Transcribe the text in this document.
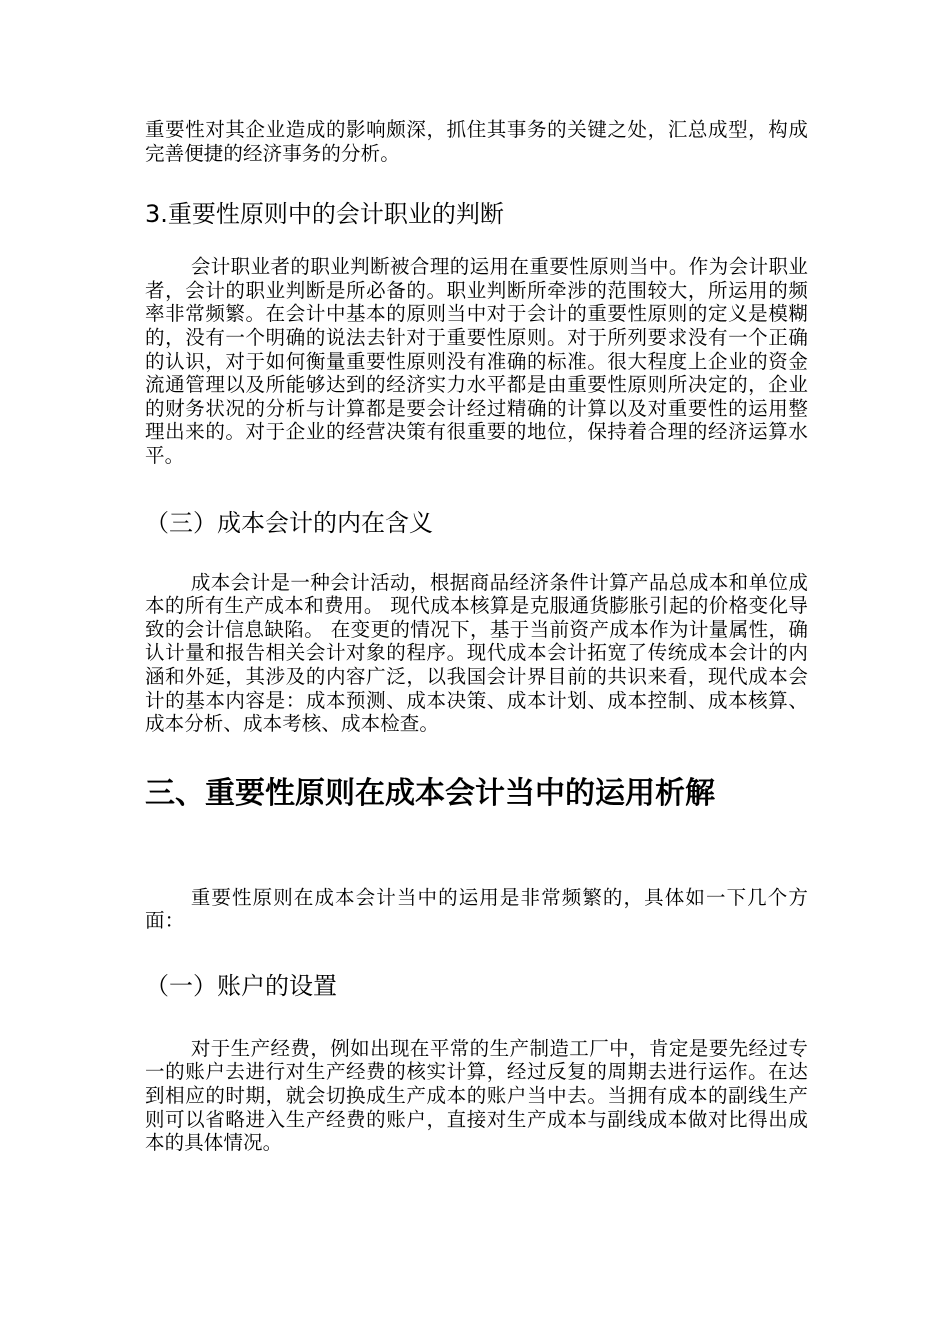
重要性对其企业造成的影响颇深，抓住其事务的关键之处，汇总成型，构成完善便捷的经济事务的分析。

3.重要性原则中的会计职业的判断

会计职业者的职业判断被合理的运用在重要性原则当中。作为会计职业者，会计的职业判断是所必备的。职业判断所牵涉的范围较大，所运用的频率非常频繁。在会计中基本的原则当中对于会计的重要性原则的定义是模糊的，没有一个明确的说法去针对于重要性原则。对于所列要求没有一个正确的认识，对于如何衡量重要性原则没有准确的标准。很大程度上企业的资金流通管理以及所能够达到的经济实力水平都是由重要性原则所决定的，企业的财务状况的分析与计算都是要会计经过精确的计算以及对重要性的运用整理出来的。对于企业的经营决策有很重要的地位，保持着合理的经济运算水平。

（三）成本会计的内在含义

成本会计是一种会计活动，根据商品经济条件计算产品总成本和单位成本的所有生产成本和费用。 现代成本核算是克服通货膨胀引起的价格变化导致的会计信息缺陷。 在变更的情况下，基于当前资产成本作为计量属性，确认计量和报告相关会计对象的程序。现代成本会计拓宽了传统成本会计的内涵和外延，其涉及的内容广泛，以我国会计界目前的共识来看，现代成本会计的基本内容是：成本预测、成本决策、成本计划、成本控制、成本核算、成本分析、成本考核、成本检查。

三、重要性原则在成本会计当中的运用析解

重要性原则在成本会计当中的运用是非常频繁的，具体如一下几个方面：

（一）账户的设置

对于生产经费，例如出现在平常的生产制造工厂中，肯定是要先经过专一的账户去进行对生产经费的核实计算，经过反复的周期去进行运作。在达到相应的时期，就会切换成生产成本的账户当中去。当拥有成本的副线生产则可以省略进入生产经费的账户，直接对生产成本与副线成本做对比得出成本的具体情况。
